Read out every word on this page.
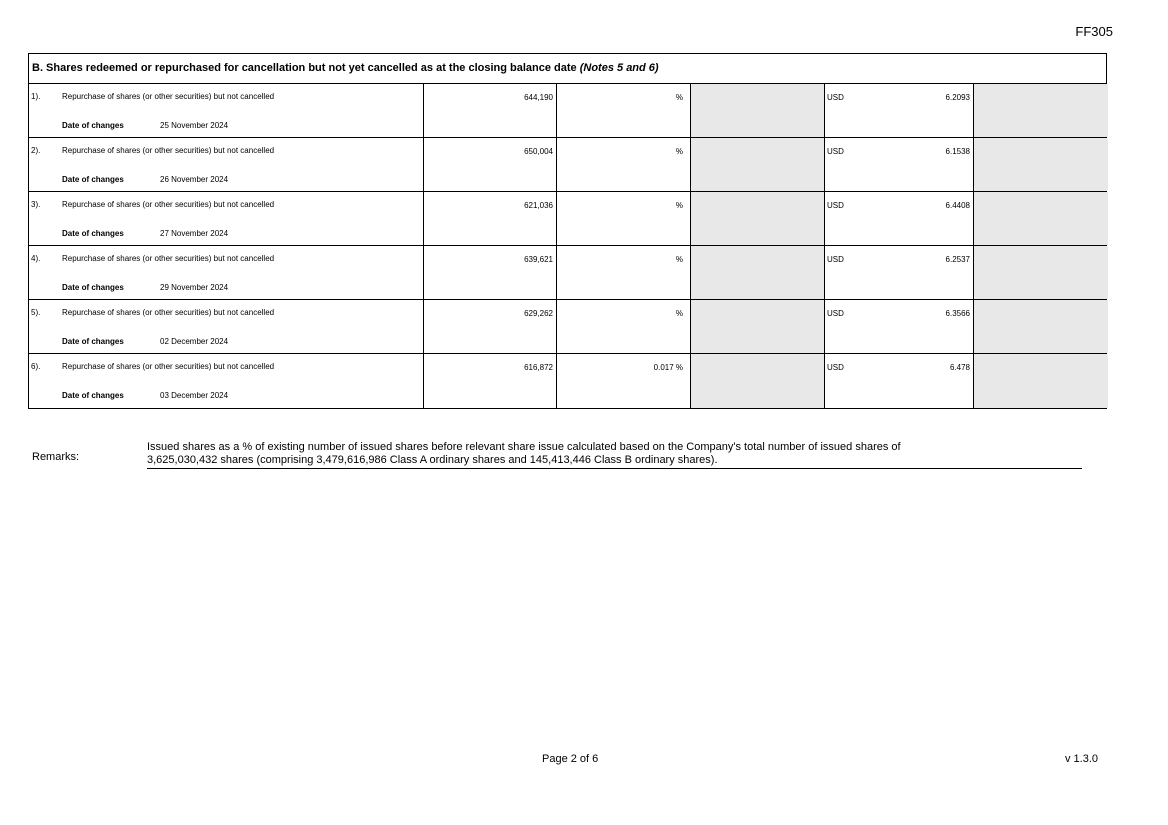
FF305
B. Shares redeemed or repurchased for cancellation but not yet cancelled as at the closing balance date (Notes 5 and 6)
1).	Repurchase of shares (or other securities) but not cancelled
Date of changes	25 November 2024
644,190	%	USD	6.2093
2).	Repurchase of shares (or other securities) but not cancelled
Date of changes	26 November 2024
650,004	%	USD	6.1538
3).	Repurchase of shares (or other securities) but not cancelled
Date of changes	27 November 2024
621,036	%	USD	6.4408
4).	Repurchase of shares (or other securities) but not cancelled
Date of changes	29 November 2024
639,621	%	USD	6.2537
5).	Repurchase of shares (or other securities) but not cancelled
Date of changes	02 December 2024
629,262	%	USD	6.3566
6).	Repurchase of shares (or other securities) but not cancelled
Date of changes	03 December 2024
616,872	0.017 %	USD	6.478
Remarks:
Issued shares as a % of existing number of issued shares before relevant share issue calculated based on the Company's total number of issued shares of
3,625,030,432 shares (comprising 3,479,616,986 Class A ordinary shares and 145,413,446 Class B ordinary shares).
Page 2 of 6	v 1.3.0
